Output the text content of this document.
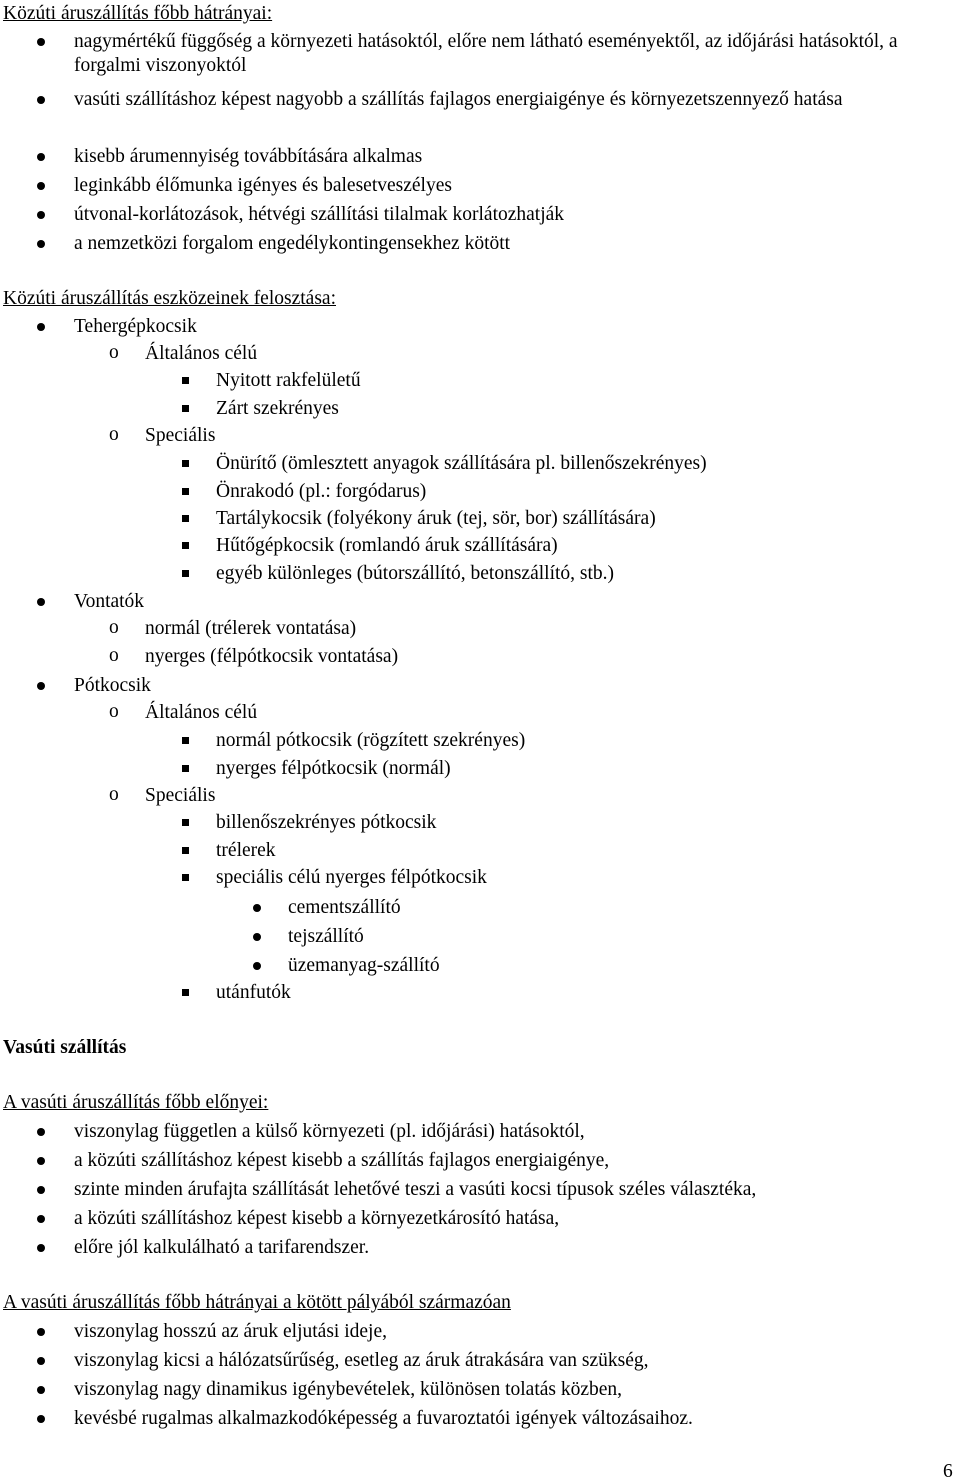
Közúti áruszállítás főbb hátrányai:
nagymértékű függőség a környezeti hatásoktól, előre nem látható eseményektől, az időjárási hatásoktól, a forgalmi viszonyoktól
vasúti szállításhoz képest nagyobb a szállítás fajlagos energiaigénye és környezetszennyező hatása
kisebb árumennyiség továbbítására alkalmas
leginkább élőmunka igényes és balesetveszélyes
útvonal-korlátozások, hétvégi szállítási tilalmak korlátozhatják
a nemzetközi forgalom engedélykontingensekhez kötött
Közúti áruszállítás eszközeinek felosztása:
Tehergépkocsik
o
Általános célú
Nyitott rakfelületű
Zárt szekrényes
o
Speciális
Önürítő (ömlesztett anyagok szállítására pl. billenőszekrényes)
Önrakodó (pl.: forgódarus)
Tartálykocsik (folyékony áruk (tej, sör, bor) szállítására)
Hűtőgépkocsik (romlandó áruk szállítására)
egyéb különleges (bútorszállító, betonszállító, stb.)
Vontatók
o
normál (trélerek vontatása)
o
nyerges (félpótkocsik vontatása)
Pótkocsik
o
Általános célú
normál pótkocsik (rögzített szekrényes)
nyerges félpótkocsik (normál)
o
Speciális
billenőszekrényes pótkocsik
trélerek
speciális célú nyerges félpótkocsik
cementszállító
tejszállító
üzemanyag-szállító
utánfutók
Vasúti szállítás
A vasúti áruszállítás főbb előnyei:
viszonylag független a külső környezeti (pl. időjárási) hatásoktól,
a közúti szállításhoz képest kisebb a szállítás fajlagos energiaigénye,
szinte minden árufajta szállítását lehetővé teszi a vasúti kocsi típusok széles választéka,
a közúti szállításhoz képest kisebb a környezetkárosító hatása,
előre jól kalkulálható a tarifarendszer.
A vasúti áruszállítás főbb hátrányai a kötött pályából származóan
viszonylag hosszú az áruk eljutási ideje,
viszonylag kicsi a hálózatsűrűség, esetleg az áruk átrakására van szükség,
viszonylag nagy dinamikus igénybevételek, különösen tolatás közben,
kevésbé rugalmas alkalmazkodóképesség a fuvaroztatói igények változásaihoz.
6
